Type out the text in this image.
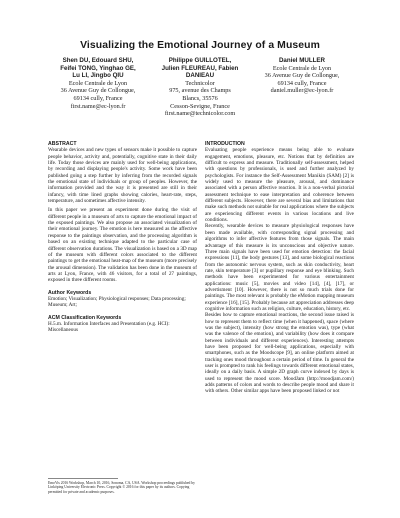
Visualizing the Emotional Journey of a Museum
Shen DU, Edouard SHU,
Feifei TONG, Yinghao GE,
Lu LI, Jingbo QIU
Ecole Centrale de Lyon
36 Avenue Guy de Collongue,
69134 cully, France
first.name@ec-lyon.fr
Philippe GUILLOTEL,
Julien FLEUREAU, Fabien
DANIEAU
Technicolor
975, avenue des Champs
Blancs, 35576
Cesson-Sevigne, France
first.name@technicolor.com
Daniel MULLER
Ecole Centrale de Lyon
36 Avenue Guy de Collongue,
69134 cully, France
daniel.muller@ec-lyon.fr
ABSTRACT

Wearable devices and new types of sensors make it possible to capture people behavior, activity and, potentially, cognitive state in their daily life. Today those devices are mainly used for well-being applications, by recording and displaying people's activity. Some work have been published going a step further by inferring from the recorded signals the emotional state of individuals or group of peoples. However, the information provided and the way it is presented are still in their infancy, with time lined graphs showing calories, heart-rate, steps, temperature, and sometimes affective intensity.

In this paper we present an experiment done during the visit of different people in a museum of arts to capture the emotional impact of the exposed paintings. We also propose an associated visualization of their emotional journey. The emotion is here measured as the affective response to the paintings observation, and the processing algorithm is based on an existing technique adapted to the particular case of different observation durations. The visualization is based on a 3D map of the museum with different colors associated to the different paintings to get the emotional heat-map of the museum (more precisely the arousal dimension). The validation has been done in the museum of arts at Lyon, France, with 46 visitors, for a total of 27 paintings, exposed in three different rooms.

Author Keywords

Emotion; Visualization; Physiological responses; Data processing; Museum; Art;

ACM Classification Keywords

H.5.m. Information Interfaces and Presentation (e.g. HCI): Miscellaneous

EmoVis 2016 Workshop, March 10, 2016, Sonoma, CA, USA. Workshop proceedings published by Linköping University Electronic Press. Copyright © 2016 for this paper by its authors. Copying permitted for private and academic purposes.
INTRODUCTION

Evaluating people experience means being able to evaluate engagement, emotions, pleasure, etc. Notions that by definition are difficult to express and measure. Traditionally self-assessment, helped with questions by professionals, is used and further analyzed by psychologists. For instance the Self-Assessment Manikin (SAM) [2] is widely used to measure the pleasure, arousal, and dominance associated with a person affective reaction. It is a non-verbal pictorial assessment technique to ease interpretation and coherence between different subjects. However, there are several bias and limitations that make such methods not suitable for real applications where the subjects are experiencing different events in various locations and live conditions.

Recently, wearable devices to measure physiological responses have been made available, with corresponding signal processing and algorithms to infer affective features from those signals. The main advantage of this measure is its unconscious and objective nature. Three main signals have been used for emotion detection: the facial expressions [11], the body gestures [13], and some biological reactions from the autonomic nervous system, such as skin conductivity, heart rate, skin temperature [3] or pupillary response and eye blinking. Such methods have been experimented for various entertainment applications: music [5], movies and video [14], [4], [17], or advertisment [10]. However, there is not so much trials done for paintings. The most relevant is probably the eMotion mapping museum experience [16], [15]. Probably because art appreciation addresses deep cognitive information such as religion, culture, education, history, etc.

Besides how to capture emotional reactions, the second issue raised is how to represent them to reflect time (when it happened), space (where was the subject), intensity (how strong the emotion was), type (what was the valence of the emotion), and variability (how does it compare between individuals and different experiences). Interesting attempts have been proposed for well-being applications, especially with smartphones, such as the Moodscope [9], an online platform aimed at tracking ones mood throughout a certain period of time. In general the user is prompted to rank his feelings towards different emotional states, ideally on a daily basis. A simple 2D graph curve indexed by days is used to represent the mood score. MoodJam (http://moodjam.com/) adds patterns of colors and words to describe people mood and share it with others. Other similar apps have been proposed linked or not
